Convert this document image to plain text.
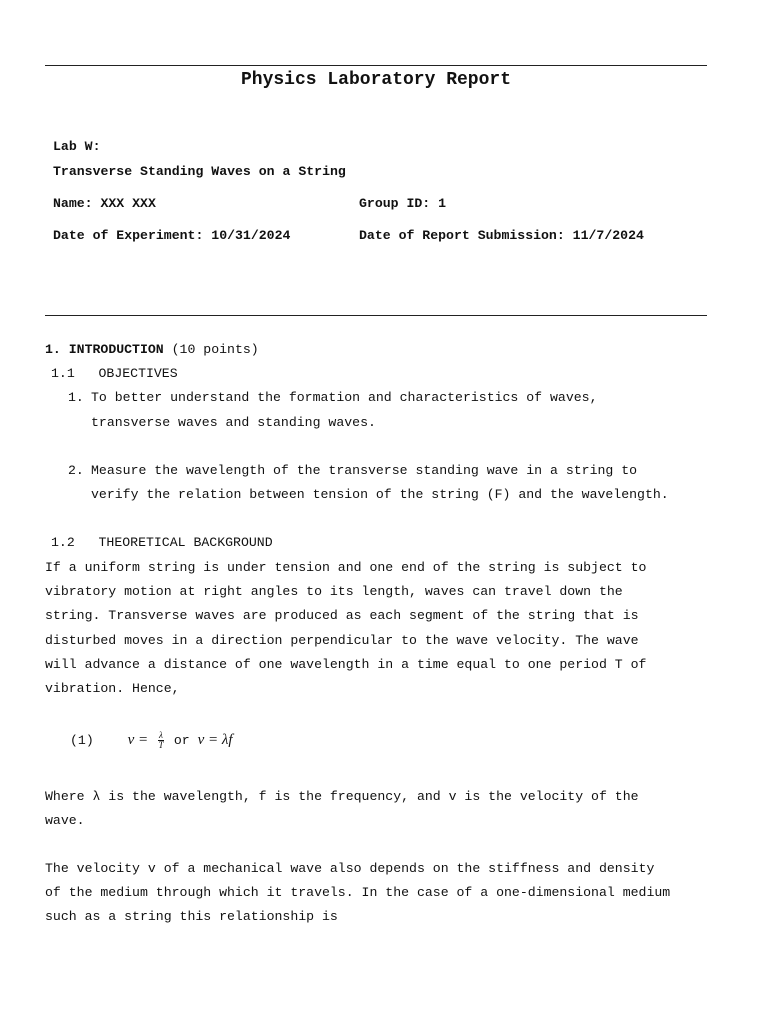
Physics Laboratory Report
Lab W:
Transverse Standing Waves on a String
Name: XXX XXX	Group ID: 1
Date of Experiment: 10/31/2024	Date of Report Submission: 11/7/2024
1. INTRODUCTION (10 points)
1.1 OBJECTIVES
1. To better understand the formation and characteristics of waves,
transverse waves and standing waves.
2. Measure the wavelength of the transverse standing wave in a string to
verify the relation between tension of the string (F) and the wavelength.
1.2 THEORETICAL BACKGROUND
If a uniform string is under tension and one end of the string is subject to
vibratory motion at right angles to its length, waves can travel down the
string. Transverse waves are produced as each segment of the string that is
disturbed moves in a direction perpendicular to the wave velocity. The wave
will advance a distance of one wavelength in a time equal to one period T of
vibration. Hence,
(1) $v = \frac{\lambda}{T}$ or v = λf
Where λ is the wavelength, f is the frequency, and v is the velocity of the
wave.
The velocity v of a mechanical wave also depends on the stiffness and density
of the medium through which it travels. In the case of a one-dimensional medium
such as a string this relationship is
